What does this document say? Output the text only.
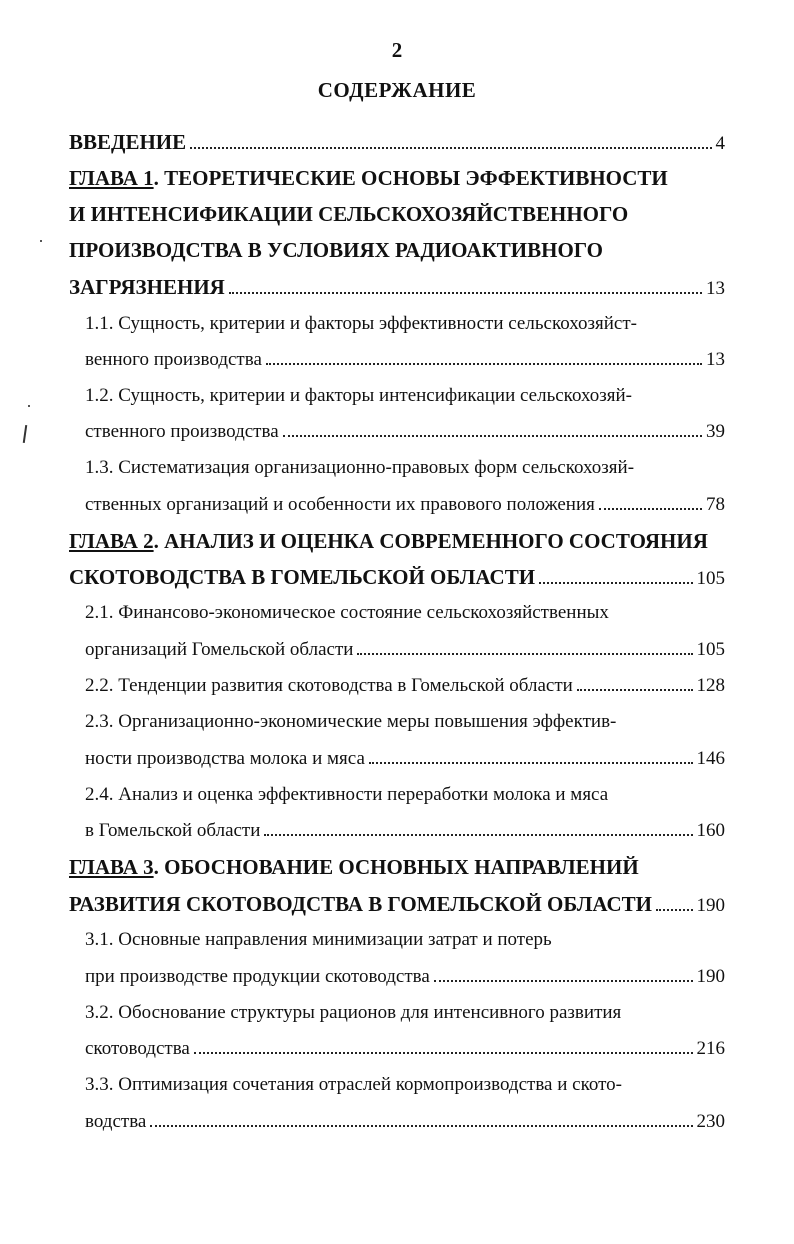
2
СОДЕРЖАНИЕ
ВВЕДЕНИЕ	4
ГЛАВА 1. ТЕОРЕТИЧЕСКИЕ ОСНОВЫ ЭФФЕКТИВНОСТИ
И ИНТЕНСИФИКАЦИИ СЕЛЬСКОХОЗЯЙСТВЕННОГО
ПРОИЗВОДСТВА В УСЛОВИЯХ РАДИОАКТИВНОГО
ЗАГРЯЗНЕНИЯ	13
1.1. Сущность, критерии и факторы эффективности сельскохозяйст-
венного производства	13
1.2. Сущность, критерии и факторы интенсификации сельскохозяй-
ственного производства	39
1.3. Систематизация организационно-правовых форм сельскохозяй-
ственных организаций и особенности их правового положения	78
ГЛАВА 2. АНАЛИЗ И ОЦЕНКА СОВРЕМЕННОГО СОСТОЯНИЯ
СКОТОВОДСТВА В ГОМЕЛЬСКОЙ ОБЛАСТИ	105
2.1. Финансово-экономическое состояние сельскохозяйственных
организаций Гомельской области	105
2.2. Тенденции развития скотоводства в Гомельской области	128
2.3. Организационно-экономические меры повышения эффектив-
ности производства молока и мяса	146
2.4. Анализ и оценка эффективности переработки молока и мяса
в Гомельской области	160
ГЛАВА 3. ОБОСНОВАНИЕ ОСНОВНЫХ НАПРАВЛЕНИЙ
РАЗВИТИЯ СКОТОВОДСТВА В ГОМЕЛЬСКОЙ ОБЛАСТИ 190
3.1. Основные направления минимизации затрат и потерь
при производстве продукции скотоводства	190
3.2. Обоснование структуры рационов для интенсивного развития
скотоводства	216
3.3. Оптимизация сочетания отраслей кормопроизводства и ското-
водства	230
